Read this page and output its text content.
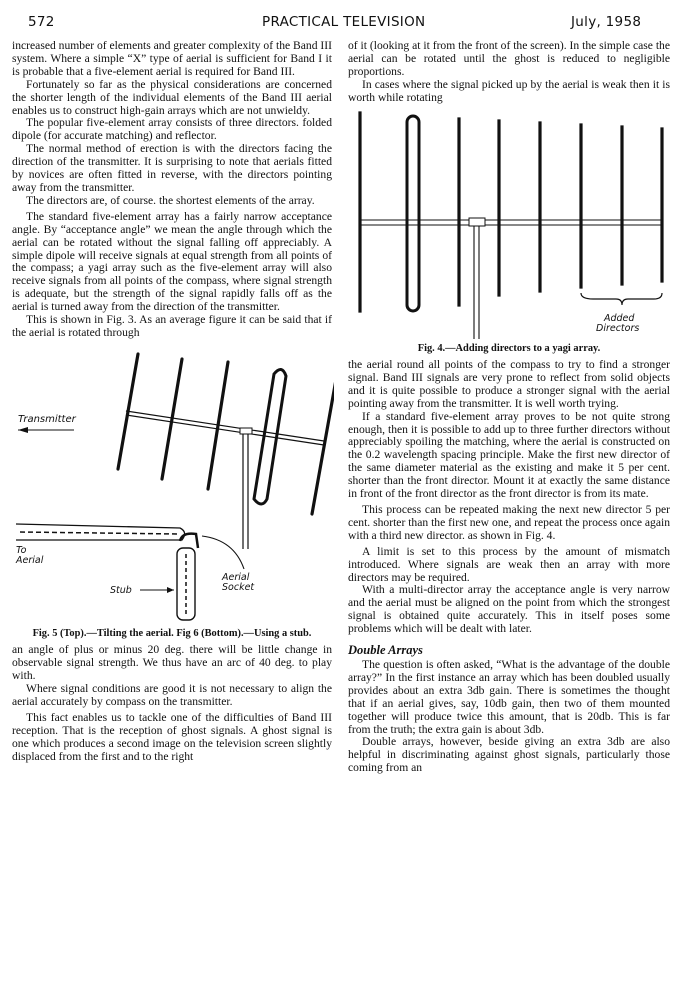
572	PRACTICAL TELEVISION	July, 1958

increased number of elements and greater complexity of the Band III system. Where a simple “X” type of aerial is sufficient for Band I it is probable that a five-element aerial is required for Band III.

Fortunately so far as the physical considerations are concerned the shorter length of the individual elements of the Band III aerial enables us to construct high-gain arrays which are not unwieldy.

The popular five-element array consists of three directors. folded dipole (for accurate matching) and reflector.

The normal method of erection is with the directors facing the direction of the transmitter. It is surprising to note that aerials fitted by novices are often fitted in reverse, with the directors pointing away from the transmitter.

The directors are, of course. the shortest elements of the array.

The standard five-element array has a fairly narrow acceptance angle. By “acceptance angle” we mean the angle through which the aerial can be rotated without the signal falling off appreciably. A simple dipole will receive signals at equal strength from all points of the compass; a yagi array such as the five-element array will also receive signals from all points of the compass, where signal strength is adequate, but the strength of the signal rapidly falls off as the aerial is turned away from the direction of the transmitter.

This is shown in Fig. 3. As an average figure it can be said that if the aerial is rotated through

Transmitter
To
Aerial
Aerial
Socket
Stub
Fig. 5 (Top).—Tilting the aerial. Fig 6 (Bottom).—Using a stub.

an angle of plus or minus 20 deg. there will be little change in observable signal strength. We thus have an arc of 40 deg. to play with.

Where signal conditions are good it is not necessary to align the aerial accurately by compass on the transmitter.

This fact enables us to tackle one of the difficulties of Band III reception. That is the reception of ghost signals. A ghost signal is one which produces a second image on the television screen slightly displaced from the first and to the right

of it (looking at it from the front of the screen). In the simple case the aerial can be rotated until the ghost is reduced to negligible proportions.

In cases where the signal picked up by the aerial is weak then it is worth while rotating

Added
Directors
Fig. 4.—Adding directors to a yagi array.

the aerial round all points of the compass to try to find a stronger signal. Band III signals are very prone to reflect from solid objects and it is quite possible to produce a stronger signal with the aerial pointing away from the transmitter. It is well worth trying.

If a standard five-element array proves to be not quite strong enough, then it is possible to add up to three further directors without appreciably spoiling the matching, where the aerial is constructed on the 0.2 wavelength spacing principle. Make the first new director of the same diameter material as the existing and make it 5 per cent. shorter than the front director. Mount it at exactly the same distance in front of the front director as the front director is from its mate.

This process can be repeated making the next new director 5 per cent. shorter than the first new one, and repeat the process once again with a third new director. as shown in Fig. 4.

A limit is set to this process by the amount of mismatch introduced. Where signals are weak then an array with more directors may be required.

With a multi-director array the acceptance angle is very narrow and the aerial must be aligned on the point from which the strongest signal is obtained quite accurately. This in itself poses some problems which will be dealt with later.

Double Arrays

The question is often asked, “What is the advantage of the double array?” In the first instance an array which has been doubled usually provides about an extra 3db gain. There is sometimes the thought that if an aerial gives, say, 10db gain, then two of them mounted together will produce twice this amount, that is 20db. This is far from the truth; the extra gain is about 3db.

Double arrays, however, beside giving an extra 3db are also helpful in discriminating against ghost signals, particularly those coming from an
